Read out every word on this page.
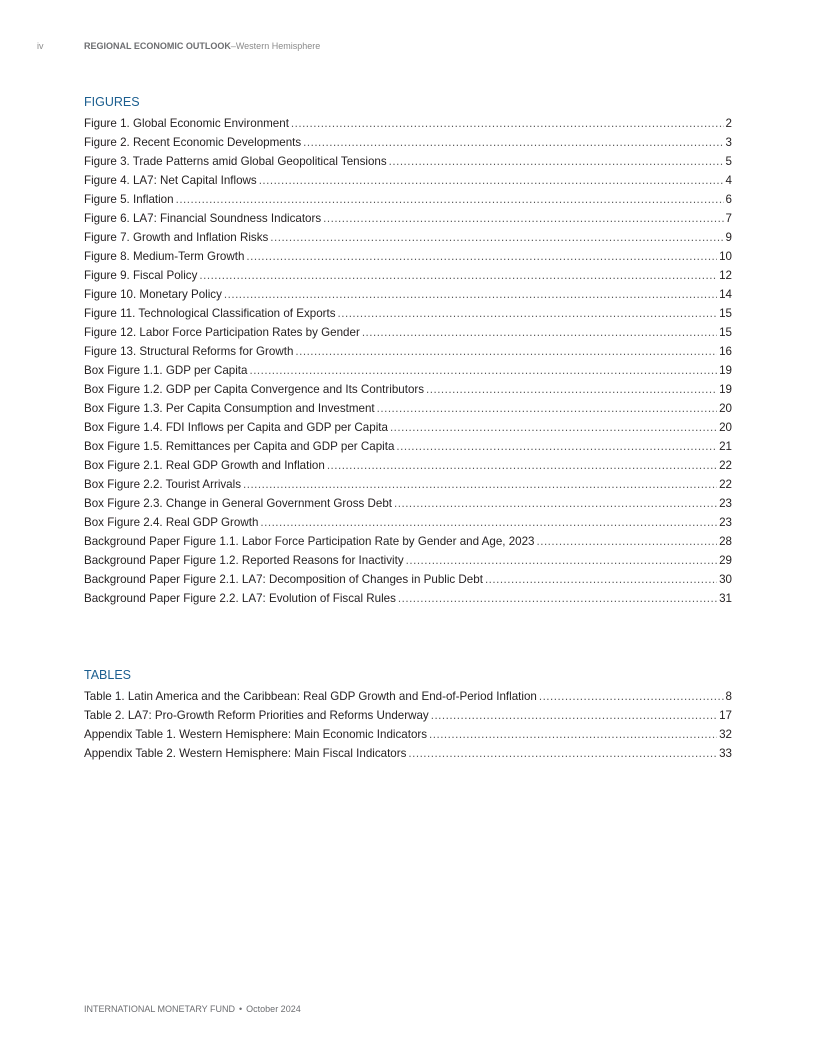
iv	REGIONAL ECONOMIC OUTLOOK–Western Hemisphere
FIGURES
Figure 1. Global Economic Environment .....	2
Figure 2. Recent Economic Developments .....	3
Figure 3. Trade Patterns amid Global Geopolitical Tensions .....	5
Figure 4. LA7: Net Capital Inflows .....	4
Figure 5. Inflation .....	6
Figure 6. LA7: Financial Soundness Indicators .....	7
Figure 7. Growth and Inflation Risks .....	9
Figure 8. Medium-Term Growth .....	10
Figure 9. Fiscal Policy .....	12
Figure 10. Monetary Policy .....	14
Figure 11. Technological Classification of Exports .....	15
Figure 12. Labor Force Participation Rates by Gender .....	15
Figure 13. Structural Reforms for Growth .....	16
Box Figure 1.1. GDP per Capita .....	19
Box Figure 1.2. GDP per Capita Convergence and Its Contributors .....	19
Box Figure 1.3. Per Capita Consumption and Investment .....	20
Box Figure 1.4. FDI Inflows per Capita and GDP per Capita .....	20
Box Figure 1.5. Remittances per Capita and GDP per Capita .....	21
Box Figure 2.1. Real GDP Growth and Inflation .....	22
Box Figure 2.2. Tourist Arrivals .....	22
Box Figure 2.3. Change in General Government Gross Debt .....	23
Box Figure 2.4. Real GDP Growth .....	23
Background Paper Figure 1.1. Labor Force Participation Rate by Gender and Age, 2023 .....	28
Background Paper Figure 1.2. Reported Reasons for Inactivity .....	29
Background Paper Figure 2.1. LA7: Decomposition of Changes in Public Debt .....	30
Background Paper Figure 2.2. LA7: Evolution of Fiscal Rules .....	31
TABLES
Table 1. Latin America and the Caribbean: Real GDP Growth and End-of-Period Inflation .....	8
Table 2. LA7: Pro-Growth Reform Priorities and Reforms Underway .....	17
Appendix Table 1. Western Hemisphere: Main Economic Indicators .....	32
Appendix Table 2. Western Hemisphere: Main Fiscal Indicators .....	33
INTERNATIONAL MONETARY FUND • October 2024
